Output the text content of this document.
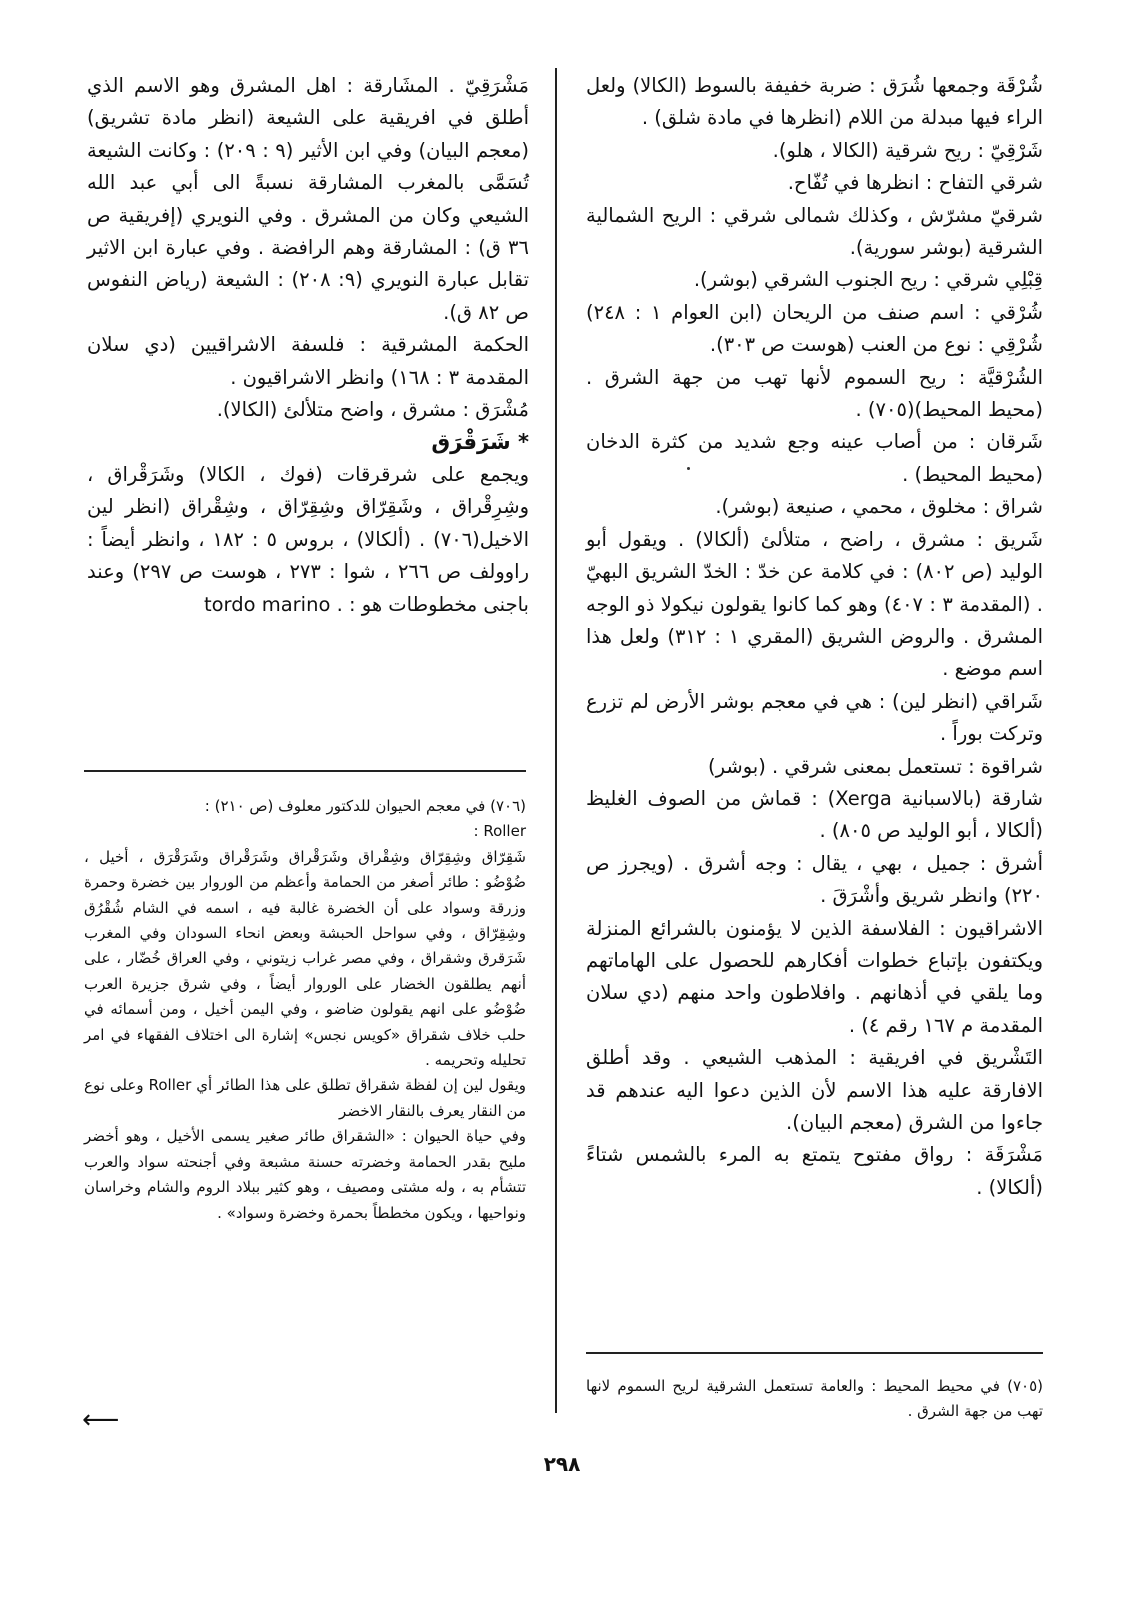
شُرْقَة وجمعها شُرَق : ضربة خفيفة بالسوط (الكالا) ولعل الراء فيها مبدلة من اللام (انظرها في مادة شلق) .

شَرْقِيّ : ريح شرقية (الكالا ، هلو).

شرقي التفاح : انظرها في تُفّاح.

شرقيّ مشرّش ، وكذلك شمالى شرقي : الريح الشمالية الشرقية (بوشر سورية).

قِبْلِي شرقي : ريح الجنوب الشرقي (بوشر).

شُرْقي : اسم صنف من الريحان (ابن العوام ١ : ٢٤٨) شُرْقِي : نوع من العنب (هوست ص ٣٠٣).

الشُرْقيَّة : ريح السموم لأنها تهب من جهة الشرق . (محيط المحيط)(٧٠٥) .

شَرقان : من أصاب عينه وجع شديد من كثرة الدخان (محيط المحيط) .

شراق : مخلوق ، محمي ، صنيعة (بوشر).

شَريق : مشرق ، راضح ، متلألئ (ألكالا) . ويقول أبو الوليد (ص ٨٠٢) : في كلامة عن خدّ : الخدّ الشريق البهيّ . (المقدمة ٣ : ٤٠٧) وهو كما كانوا يقولون نيكولا ذو الوجه المشرق . والروض الشريق (المقري ١ : ٣١٢) ولعل هذا اسم موضع .

شَراقي (انظر لين) : هي في معجم بوشر الأرض لم تزرع وتركت بوراً .

شراقوة : تستعمل بمعنى شرقي . (بوشر)

شارقة (بالاسبانية Xerga) : قماش من الصوف الغليظ (ألكالا ، أبو الوليد ص ٨٠٥) .

أشرق : جميل ، بهي ، يقال : وجه أشرق . (ويجرز ص ٢٢٠) وانظر شريق وأشْرَقَ .

الاشراقيون : الفلاسفة الذين لا يؤمنون بالشرائع المنزلة ويكتفون بإتباع خطوات أفكارهم للحصول على الهاماتهم وما يلقي في أذهانهم . وافلاطون واحد منهم (دي سلان المقدمة م ١٦٧ رقم ٤) .

التَشْريق في افريقية : المذهب الشيعي . وقد أطلق الافارقة عليه هذا الاسم لأن الذين دعوا اليه عندهم قد جاءوا من الشرق (معجم البيان).

مَشْرَقَة : رواق مفتوح يتمتع به المرء بالشمس شتاءً (ألكالا) .

مَشْرَقِيّ . المشَارقة : اهل المشرق وهو الاسم الذي أطلق في افريقية على الشيعة (انظر مادة تشريق) (معجم البيان) وفي ابن الأثير (٩ : ٢٠٩) : وكانت الشيعة تُسَمَّى بالمغرب المشارقة نسبةً الى أبي عبد الله الشيعي وكان من المشرق . وفي النويري (إفريقية ص ٣٦ ق) : المشارقة وهم الرافضة . وفي عبارة ابن الاثير تقابل عبارة النويري (٩: ٢٠٨) : الشيعة (رياض النفوس ص ٨٢ ق).

الحكمة المشرقية : فلسفة الاشراقيين (دي سلان المقدمة ٣ : ١٦٨) وانظر الاشراقيون .

مُشْرَق : مشرق ، واضح متلألئ (الكالا).

* شَرَقْرَق

ويجمع على شرقرقات (فوك ، الكالا) وشَرَقْراق ، وشِرِقْراق ، وشَقِرّاق وشِقِرّاق ، وشِقْراق (انظر لين الاخيل(٧٠٦) . (ألكالا) ، بروس ٥ : ١٨٢ ، وانظر أيضاً : راوولف ص ٢٦٦ ، شوا : ٢٧٣ ، هوست ص ٢٩٧) وعند باجنى مخطوطات هو : tordo marino .

(٧٠٦) في معجم الحيوان للدكتور معلوف (ص ٢١٠) :

: Roller

شَقِرّاق وشِقِرّاق وشِقْراق وشَرَقْراق وشَرَقْراق وشَرَقْرَق ، أخيل ، ضُوْضُو : طائر أصغر من الحمامة وأعظم من الوروار بين خضرة وحمرة وزرقة وسواد على أن الخضرة غالبة فيه ، اسمه في الشام شُقْرُق وشِقِرّاق ، وفي سواحل الحبشة وبعض انحاء السودان وفي المغرب شَرَقرق وشقراق ، وفي مصر غراب زيتوني ، وفي العراق خُضّار ، على أنهم يطلقون الخضار على الوروار أيضاً ، وفي شرق جزيرة العرب ضُوْضُو على انهم يقولون ضاضو ، وفي اليمن أخيل ، ومن أسمائه في حلب خلاف شقراق «كويس نجس» إشارة الى اختلاف الفقهاء في امر تحليله وتحريمه .

ويقول لين إن لفظة شقراق تطلق على هذا الطائر أي Roller وعلى نوع من النقار يعرف بالنقار الاخضر

وفي حياة الحيوان : «الشقراق طائر صغير يسمى الأخيل ، وهو أخضر مليح بقدر الحمامة وخضرته حسنة مشبعة وفي أجنحته سواد والعرب تتشأم به ، وله مشتى ومصيف ، وهو كثير ببلاد الروم والشام وخراسان ونواحيها ، ويكون مخططاً بحمرة وخضرة وسواد» .

(٧٠٥) في محيط المحيط : والعامة تستعمل الشرقية لريح السموم لانها تهب من جهة الشرق .
⟵
٢٩٨
